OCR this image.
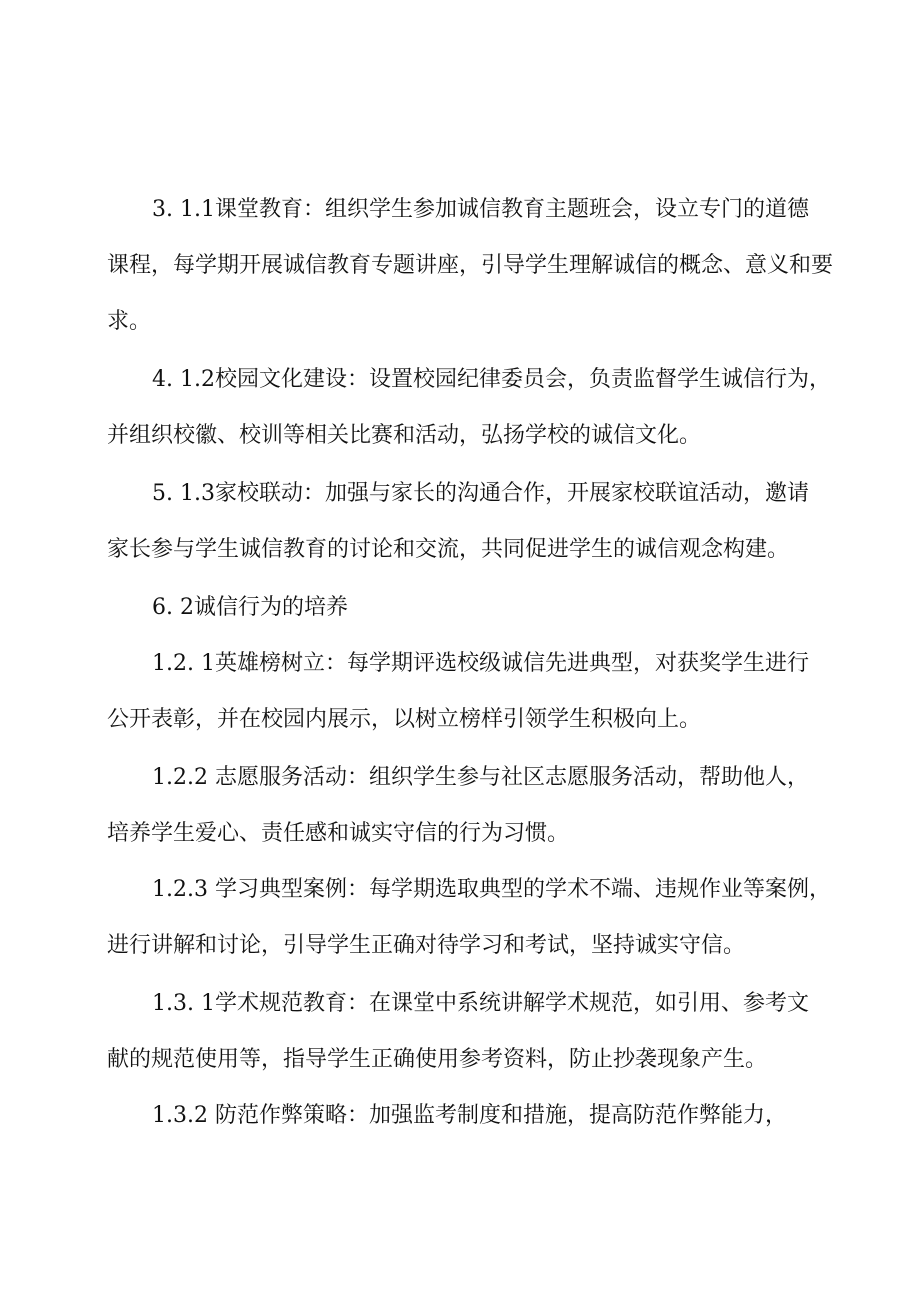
3. 1.1课堂教育：组织学生参加诚信教育主题班会，设立专门的道德
课程，每学期开展诚信教育专题讲座，引导学生理解诚信的概念、意义和要
求。
4. 1.2校园文化建设：设置校园纪律委员会，负责监督学生诚信行为，
并组织校徽、校训等相关比赛和活动，弘扬学校的诚信文化。
5. 1.3家校联动：加强与家长的沟通合作，开展家校联谊活动，邀请
家长参与学生诚信教育的讨论和交流，共同促进学生的诚信观念构建。
6. 2诚信行为的培养
1.2. 1英雄榜树立：每学期评选校级诚信先进典型，对获奖学生进行
公开表彰，并在校园内展示，以树立榜样引领学生积极向上。
1.2.2 志愿服务活动：组织学生参与社区志愿服务活动，帮助他人，
培养学生爱心、责任感和诚实守信的行为习惯。
1.2.3 学习典型案例：每学期选取典型的学术不端、违规作业等案例，
进行讲解和讨论，引导学生正确对待学习和考试，坚持诚实守信。
1.3. 1学术规范教育：在课堂中系统讲解学术规范，如引用、参考文
献的规范使用等，指导学生正确使用参考资料，防止抄袭现象产生。
1.3.2 防范作弊策略：加强监考制度和措施，提高防范作弊能力，
